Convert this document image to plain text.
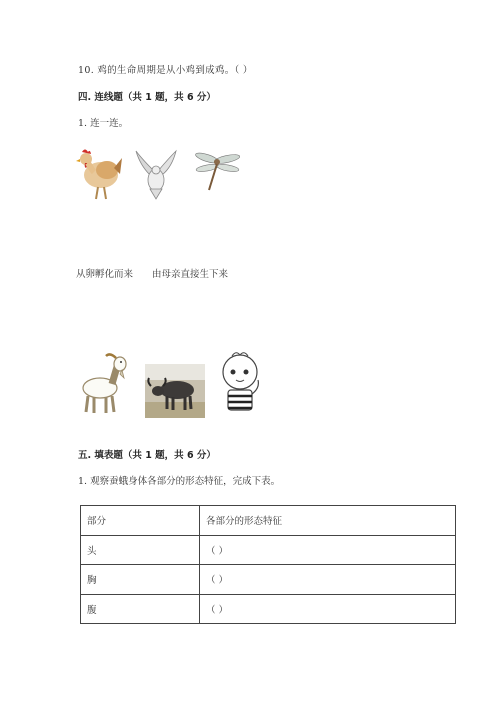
10. 鸡的生命周期是从小鸡到成鸡。（ ）
四. 连线题（共 1 题，共 6 分）
1. 连一连。
从卵孵化而来 由母亲直接生下来
五. 填表题（共 1 题，共 6 分）
1. 观察蚕蛾身体各部分的形态特征，完成下表。
部分	各部分的形态特征
头	（ ）
胸	（ ）
腹	（ ）
